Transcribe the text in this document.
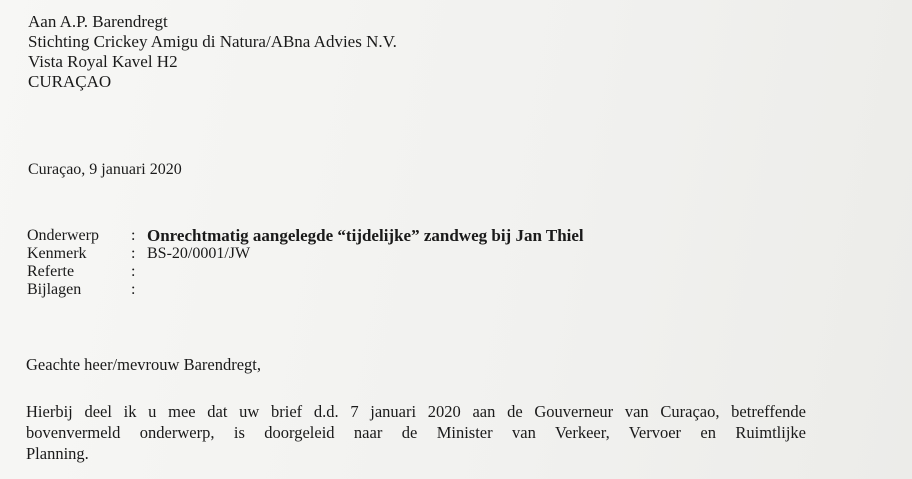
Aan A.P. Barendregt
Stichting Crickey Amigu di Natura/ABna Advies N.V.
Vista Royal Kavel H2
CURAÇAO
Curaçao, 9 januari 2020
Onderwerp	: Onrechtmatig aangelegde “tijdelijke” zandweg bij Jan Thiel
Kenmerk	: BS-20/0001/JW
Referte	:
Bijlagen	:
Geachte heer/mevrouw Barendregt,
Hierbij deel ik u mee dat uw brief d.d. 7 januari 2020 aan de Gouverneur van Curaçao, betreffende
bovenvermeld onderwerp, is doorgeleid naar de Minister van Verkeer, Vervoer en Ruimtlijke
Planning.
